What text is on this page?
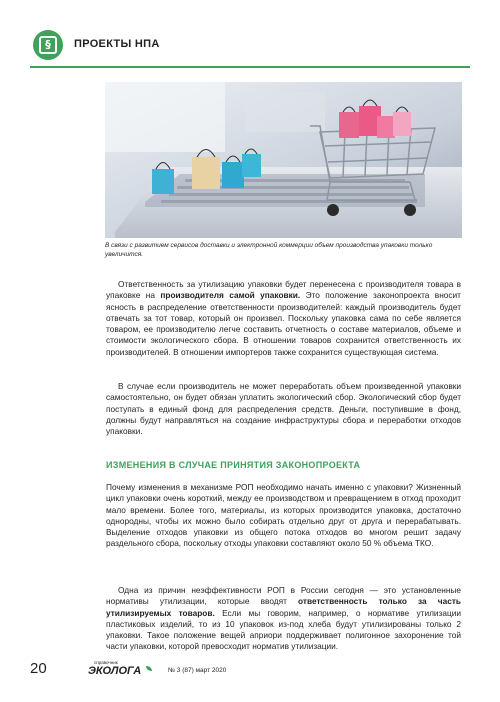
§	ПРОЕКТЫ НПА
В связи с развитием сервисов доставки и электронной коммерции объем производства упаковки только увеличится.

Ответственность за утилизацию упаковки будет перенесена с производителя товара в упаковке на производителя самой упаковки. Это положение законопроекта вносит ясность в распределение ответственности производителей: каждый производитель будет отвечать за тот товар, который он произвел. Поскольку упаковка сама по себе является товаром, ее производителю легче составить отчетность о составе материалов, объеме и стоимости экологического сбора. В отношении товаров сохранится ответственность их производителей. В отношении импортеров также сохранится существующая система.

В случае если производитель не может переработать объем произведенной упаковки самостоятельно, он будет обязан уплатить экологический сбор. Экологический сбор будет поступать в единый фонд для распределения средств. Деньги, поступившие в фонд, должны будут направляться на создание инфраструктуры сбора и переработки отходов упаковки.

ИЗМЕНЕНИЯ В СЛУЧАЕ ПРИНЯТИЯ ЗАКОНОПРОЕКТА

Почему изменения в механизме РОП необходимо начать именно с упаковки? Жизненный цикл упаковки очень короткий, между ее производством и превращением в отход проходит мало времени. Более того, материалы, из которых производится упаковка, достаточно однородны, чтобы их можно было собирать отдельно друг от друга и перерабатывать. Выделение отходов упаковки из общего потока отходов во многом решит задачу раздельного сбора, поскольку отходы упаковки составляют около 50 % объема ТКО.

Одна из причин неэффективности РОП в России сегодня — это установленные нормативы утилизации, которые вводят ответственность только за часть утилизируемых товаров. Если мы говорим, например, о нормативе утилизации пластиковых изделий, то из 10 упаковок из-под хлеба будут утилизированы только 2 упаковки. Такое положение вещей априори поддерживает полигонное захоронение той части упаковки, которой превосходит норматив утилизации.

20	справочник
ЭКОЛОГА	№ 3 (87) март 2020
